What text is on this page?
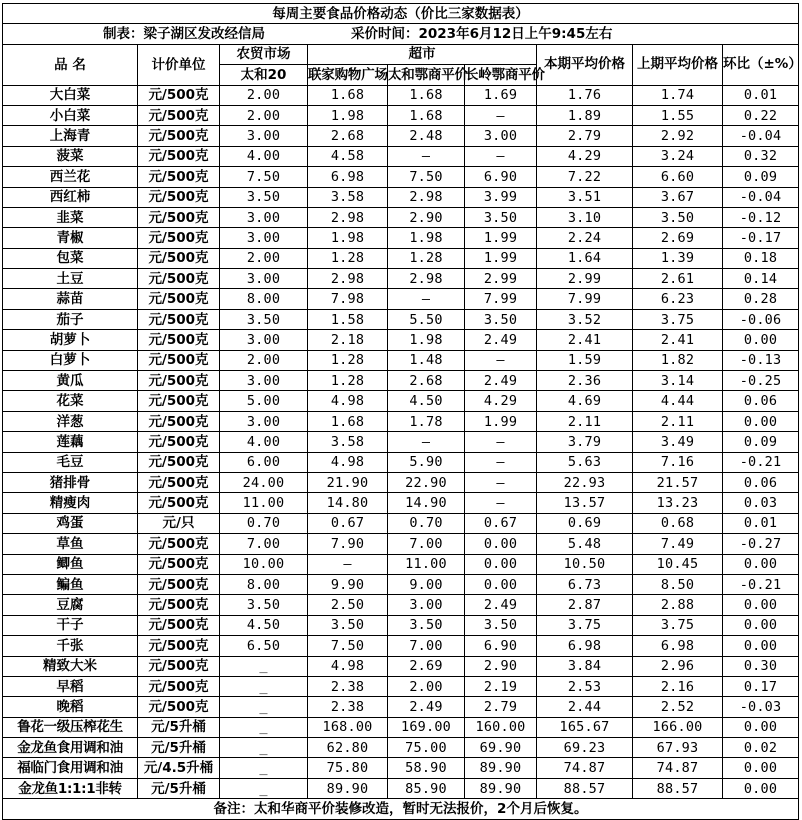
每周主要食品价格动态（价比三家数据表）								

制表：梁子湖区发改经信局 采价时间：2023年6月12日上午9:45左右								

品 名	计价单位	农贸市场	超市			本期平均价格	上期平均价格	环比（±%）
		太和20	联家购物广场	太和鄂商平价	长岭鄂商平价			
大白菜	元/500克	2.00	1.68	1.68	1.69	1.76	1.74	0.01
小白菜	元/500克	2.00	1.98	1.68	–	1.89	1.55	0.22
上海青	元/500克	3.00	2.68	2.48	3.00	2.79	2.92	-0.04
菠菜	元/500克	4.00	4.58	–	–	4.29	3.24	0.32
西兰花	元/500克	7.50	6.98	7.50	6.90	7.22	6.60	0.09
西红柿	元/500克	3.50	3.58	2.98	3.99	3.51	3.67	-0.04
韭菜	元/500克	3.00	2.98	2.90	3.50	3.10	3.50	-0.12
青椒	元/500克	3.00	1.98	1.98	1.99	2.24	2.69	-0.17
包菜	元/500克	2.00	1.28	1.28	1.99	1.64	1.39	0.18
土豆	元/500克	3.00	2.98	2.98	2.99	2.99	2.61	0.14
蒜苗	元/500克	8.00	7.98	–	7.99	7.99	6.23	0.28
茄子	元/500克	3.50	1.58	5.50	3.50	3.52	3.75	-0.06
胡萝卜	元/500克	3.00	2.18	1.98	2.49	2.41	2.41	0.00
白萝卜	元/500克	2.00	1.28	1.48	–	1.59	1.82	-0.13
黄瓜	元/500克	3.00	1.28	2.68	2.49	2.36	3.14	-0.25
花菜	元/500克	5.00	4.98	4.50	4.29	4.69	4.44	0.06
洋葱	元/500克	3.00	1.68	1.78	1.99	2.11	2.11	0.00
莲藕	元/500克	4.00	3.58	–	–	3.79	3.49	0.09
毛豆	元/500克	6.00	4.98	5.90	–	5.63	7.16	-0.21
猪排骨	元/500克	24.00	21.90	22.90	–	22.93	21.57	0.06
精瘦肉	元/500克	11.00	14.80	14.90	–	13.57	13.23	0.03
鸡蛋	元/只	0.70	0.67	0.70	0.67	0.69	0.68	0.01
草鱼	元/500克	7.00	7.90	7.00	0.00	5.48	7.49	-0.27
鲫鱼	元/500克	10.00	–	11.00	0.00	10.50	10.45	0.00
鳊鱼	元/500克	8.00	9.90	9.00	0.00	6.73	8.50	-0.21
豆腐	元/500克	3.50	2.50	3.00	2.49	2.87	2.88	0.00
干子	元/500克	4.50	3.50	3.50	3.50	3.75	3.75	0.00
千张	元/500克	6.50	7.50	7.00	6.90	6.98	6.98	0.00
精致大米	元/500克	_	4.98	2.69	2.90	3.84	2.96	0.30
早稻	元/500克	_	2.38	2.00	2.19	2.53	2.16	0.17
晚稻	元/500克	_	2.38	2.49	2.79	2.44	2.52	-0.03
鲁花一级压榨花生	元/5升桶	_	168.00	169.00	160.00	165.67	166.00	0.00
金龙鱼食用调和油	元/5升桶	_	62.80	75.00	69.90	69.23	67.93	0.02
福临门食用调和油	元/4.5升桶	_	75.80	58.90	89.90	74.87	74.87	0.00
金龙鱼1:1:1非转	元/5升桶	_	89.90	85.90	89.90	88.57	88.57	0.00
备注：太和华商平价装修改造，暂时无法报价，2个月后恢复。								
